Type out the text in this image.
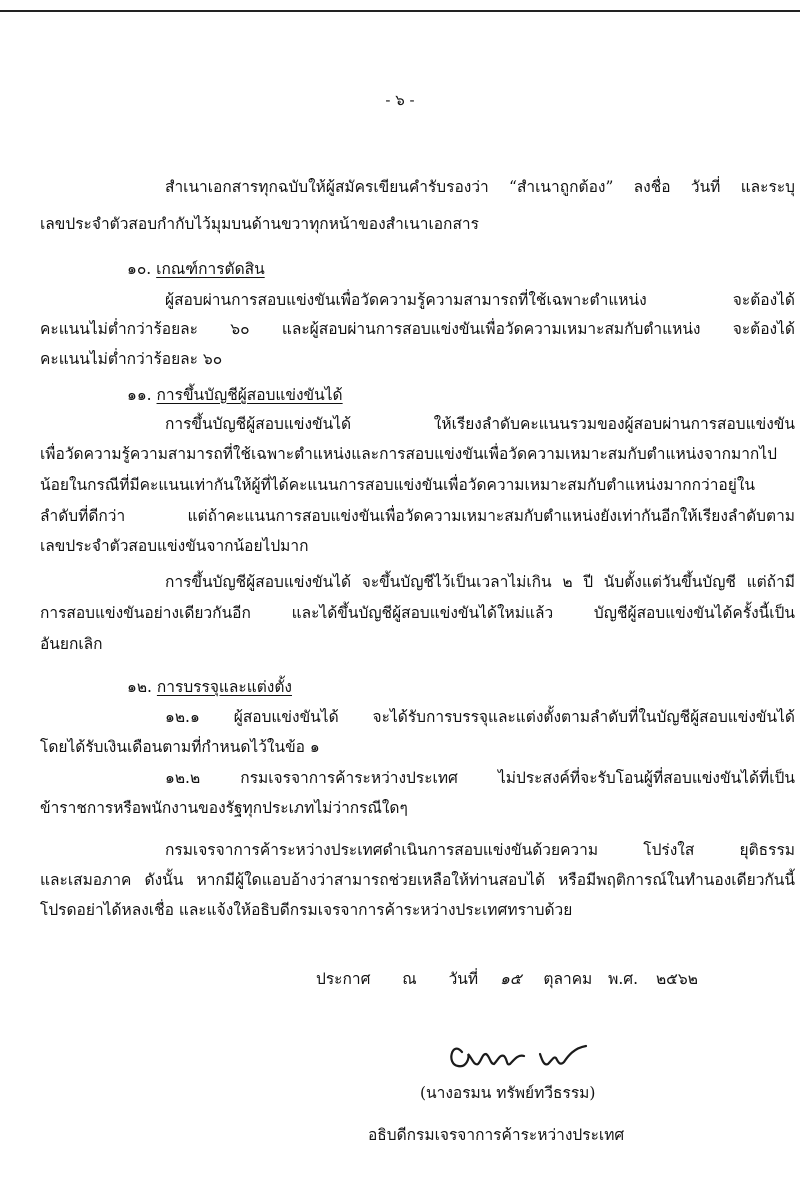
- ๖ -
สำเนาเอกสารทุกฉบับให้ผู้สมัครเขียนคำรับรองว่า “สำเนาถูกต้อง” ลงชื่อ วันที่ และระบุ
เลขประจำตัวสอบกำกับไว้มุมบนด้านขวาทุกหน้าของสำเนาเอกสาร
๑๐. เกณฑ์การตัดสิน
ผู้สอบผ่านการสอบแข่งขันเพื่อวัดความรู้ความสามารถที่ใช้เฉพาะตำแหน่ง จะต้องได้
คะแนนไม่ต่ำกว่าร้อยละ ๖๐ และผู้สอบผ่านการสอบแข่งขันเพื่อวัดความเหมาะสมกับตำแหน่ง จะต้องได้
คะแนนไม่ต่ำกว่าร้อยละ ๖๐
๑๑. การขึ้นบัญชีผู้สอบแข่งขันได้
การขึ้นบัญชีผู้สอบแข่งขันได้ ให้เรียงลำดับคะแนนรวมของผู้สอบผ่านการสอบแข่งขัน
เพื่อวัดความรู้ความสามารถที่ใช้เฉพาะตำแหน่งและการสอบแข่งขันเพื่อวัดความเหมาะสมกับตำแหน่งจากมากไป
น้อยในกรณีที่มีคะแนนเท่ากันให้ผู้ที่ได้คะแนนการสอบแข่งขันเพื่อวัดความเหมาะสมกับตำแหน่งมากกว่าอยู่ใน
ลำดับที่ดีกว่า แต่ถ้าคะแนนการสอบแข่งขันเพื่อวัดความเหมาะสมกับตำแหน่งยังเท่ากันอีกให้เรียงลำดับตาม
เลขประจำตัวสอบแข่งขันจากน้อยไปมาก
การขึ้นบัญชีผู้สอบแข่งขันได้ จะขึ้นบัญชีไว้เป็นเวลาไม่เกิน ๒ ปี นับตั้งแต่วันขึ้นบัญชี แต่ถ้ามี
การสอบแข่งขันอย่างเดียวกันอีก และได้ขึ้นบัญชีผู้สอบแข่งขันได้ใหม่แล้ว บัญชีผู้สอบแข่งขันได้ครั้งนี้เป็น
อันยกเลิก
๑๒. การบรรจุและแต่งตั้ง
๑๒.๑ ผู้สอบแข่งขันได้ จะได้รับการบรรจุและแต่งตั้งตามลำดับที่ในบัญชีผู้สอบแข่งขันได้
โดยได้รับเงินเดือนตามที่กำหนดไว้ในข้อ ๑
๑๒.๒ กรมเจรจาการค้าระหว่างประเทศ ไม่ประสงค์ที่จะรับโอนผู้ที่สอบแข่งขันได้ที่เป็น
ข้าราชการหรือพนักงานของรัฐทุกประเภทไม่ว่ากรณีใดๆ
กรมเจรจาการค้าระหว่างประเทศดำเนินการสอบแข่งขันด้วยความ โปร่งใส ยุติธรรม
และเสมอภาค ดังนั้น หากมีผู้ใดแอบอ้างว่าสามารถช่วยเหลือให้ท่านสอบได้ หรือมีพฤติการณ์ในทำนองเดียวกันนี้
โปรดอย่าได้หลงเชื่อ และแจ้งให้อธิบดีกรมเจรจาการค้าระหว่างประเทศทราบด้วย
ประกาศ ณ วันที่ ๑๕ ตุลาคม พ.ศ. ๒๕๖๒
(นางอรมน ทรัพย์ทวีธรรม)
อธิบดีกรมเจรจาการค้าระหว่างประเทศ
